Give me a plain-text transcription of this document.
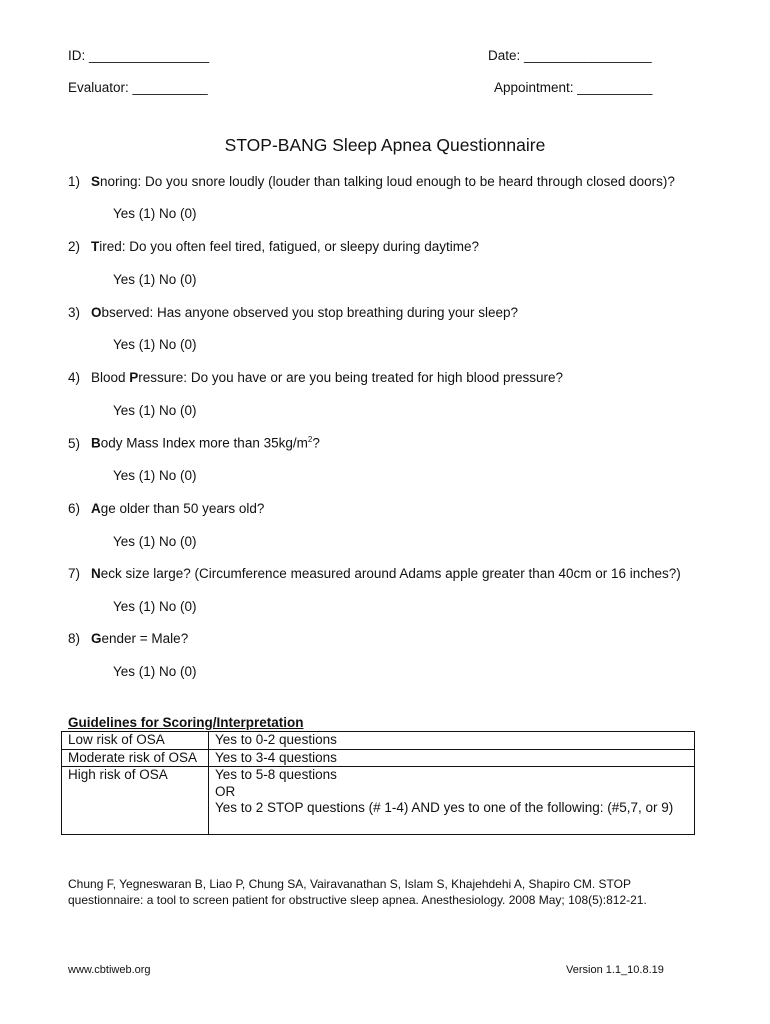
ID: ________________	Date: _________________
Evaluator: __________	Appointment: __________
STOP-BANG Sleep Apnea Questionnaire
1) Snoring: Do you snore loudly (louder than talking loud enough to be heard through closed doors)?
Yes (1) No (0)
2) Tired: Do you often feel tired, fatigued, or sleepy during daytime?
Yes (1) No (0)
3) Observed: Has anyone observed you stop breathing during your sleep?
Yes (1) No (0)
4) Blood Pressure: Do you have or are you being treated for high blood pressure?
Yes (1) No (0)
5) Body Mass Index more than $35kg/m^2$?
Yes (1) No (0)
6) Age older than 50 years old?
Yes (1) No (0)
7) Neck size large? (Circumference measured around Adams apple greater than 40cm or 16 inches?)
Yes (1) No (0)
8) Gender = Male?
Yes (1) No (0)
Guidelines for Scoring/Interpretation
Low risk of OSA	Yes to 0-2 questions
Moderate risk of OSA	Yes to 3-4 questions
High risk of OSA	Yes to 5-8 questions
OR
Yes to 2 STOP questions (# 1-4) AND yes to one of the following: (#5,7, or 9)
Chung F, Yegneswaran B, Liao P, Chung SA, Vairavanathan S, Islam S, Khajehdehi A, Shapiro CM. STOP questionnaire: a tool to screen patient for obstructive sleep apnea. Anesthesiology. 2008 May; 108(5):812-21.
www.cbtiweb.org	Version 1.1_10.8.19
